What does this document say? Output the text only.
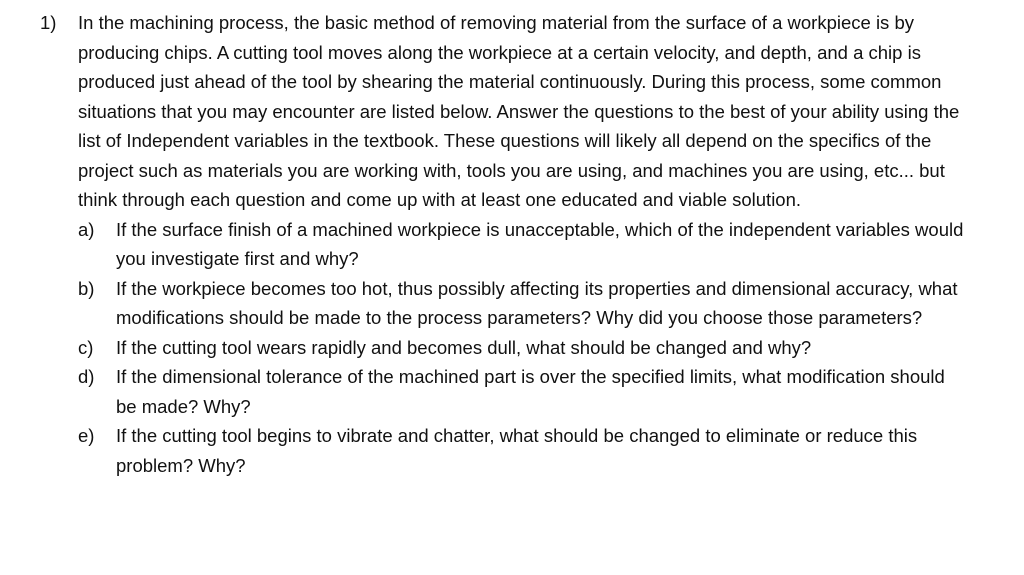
1)	In the machining process, the basic method of removing material from the surface of a workpiece is by producing chips. A cutting tool moves along the workpiece at a certain velocity, and depth, and a chip is produced just ahead of the tool by shearing the material continuously. During this process, some common situations that you may encounter are listed below. Answer the questions to the best of your ability using the list of Independent variables in the textbook. These questions will likely all depend on the specifics of the project such as materials you are working with, tools you are using, and machines you are using, etc... but think through each question and come up with at least one educated and viable solution.

a)	If the surface finish of a machined workpiece is unacceptable, which of the independent variables would you investigate first and why?
b)	If the workpiece becomes too hot, thus possibly affecting its properties and dimensional accuracy, what modifications should be made to the process parameters? Why did you choose those parameters?
c)	If the cutting tool wears rapidly and becomes dull, what should be changed and why?
d)	If the dimensional tolerance of the machined part is over the specified limits, what modification should be made? Why?
e)	If the cutting tool begins to vibrate and chatter, what should be changed to eliminate or reduce this problem? Why?
